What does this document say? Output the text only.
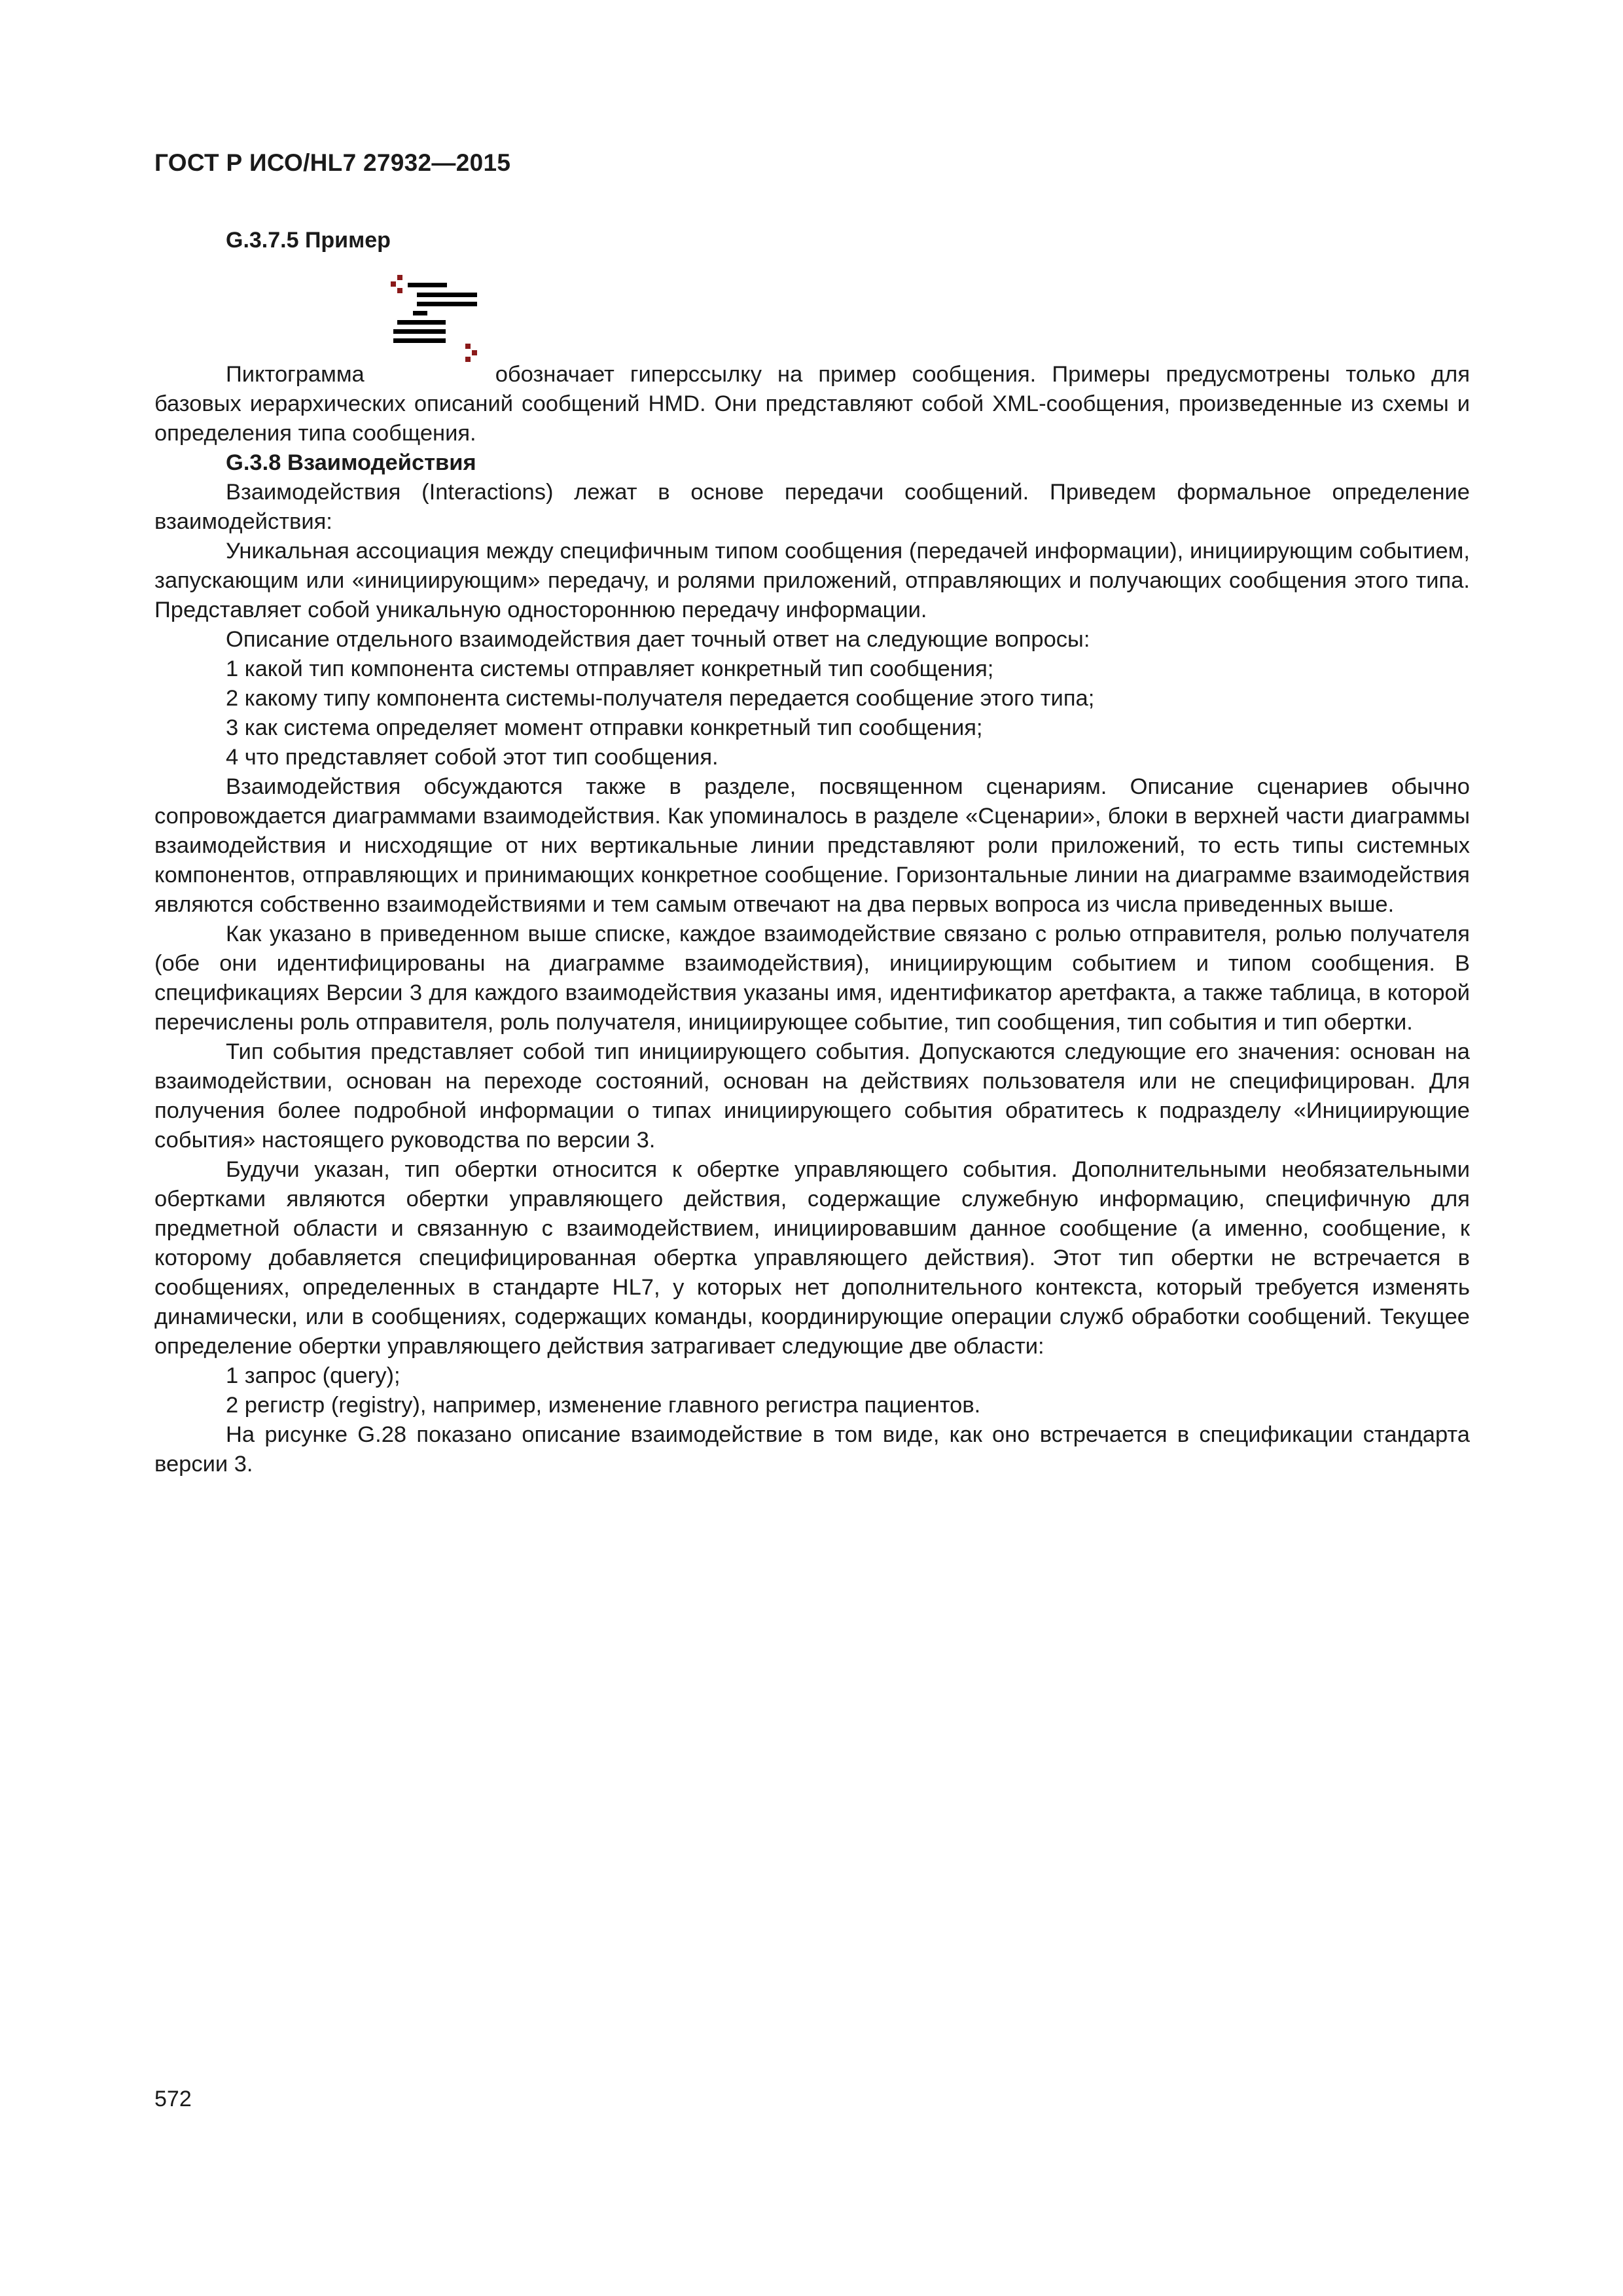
ГОСТ Р ИСО/HL7 27932—2015
G.3.7.5 Пример

Пиктограмма	обозначает гиперссылку на пример сообщения. Примеры предусмотрены только для базовых иерархических описаний сообщений HMD. Они представляют собой XML-сообщения, произведенные из схемы и определения типа сообщения.

G.3.8 Взаимодействия

Взаимодействия (Interactions) лежат в основе передачи сообщений. Приведем формальное определение взаимодействия:

Уникальная ассоциация между специфичным типом сообщения (передачей информации), инициирующим событием, запускающим или «инициирующим» передачу, и ролями приложений, отправляющих и получающих сообщения этого типа. Представляет собой уникальную одностороннюю передачу информации.

Описание отдельного взаимодействия дает точный ответ на следующие вопросы:

1 какой тип компонента системы отправляет конкретный тип сообщения;

2 какому типу компонента системы-получателя передается сообщение этого типа;

3 как система определяет момент отправки конкретный тип сообщения;

4 что представляет собой этот тип сообщения.

Взаимодействия обсуждаются также в разделе, посвященном сценариям. Описание сценариев обычно сопровождается диаграммами взаимодействия. Как упоминалось в разделе «Сценарии», блоки в верхней части диаграммы взаимодействия и нисходящие от них вертикальные линии представляют роли приложений, то есть типы системных компонентов, отправляющих и принимающих конкретное сообщение. Горизонтальные линии на диаграмме взаимодействия являются собственно взаимодействиями и тем самым отвечают на два первых вопроса из числа приведенных выше.

Как указано в приведенном выше списке, каждое взаимодействие связано с ролью отправителя, ролью получателя (обе они идентифицированы на диаграмме взаимодействия), инициирующим событием и типом сообщения. В спецификациях Версии 3 для каждого взаимодействия указаны имя, идентификатор аретфакта, а также таблица, в которой перечислены роль отправителя, роль получателя, инициирующее событие, тип сообщения, тип события и тип обертки.

Тип события представляет собой тип инициирующего события. Допускаются следующие его значения: основан на взаимодействии, основан на переходе состояний, основан на действиях пользователя или не специфицирован. Для получения более подробной информации о типах инициирующего события обратитесь к подразделу «Инициирующие события» настоящего руководства по версии 3.

Будучи указан, тип обертки относится к обертке управляющего события. Дополнительными необязательными обертками являются обертки управляющего действия, содержащие служебную информацию, специфичную для предметной области и связанную с взаимодействием, инициировавшим данное сообщение (а именно, сообщение, к которому добавляется специфицированная обертка управляющего действия). Этот тип обертки не встречается в сообщениях, определенных в стандарте HL7, у которых нет дополнительного контекста, который требуется изменять динамически, или в сообщениях, содержащих команды, координирующие операции служб обработки сообщений. Текущее определение обертки управляющего действия затрагивает следующие две области:

1 запрос (query);

2 регистр (registry), например, изменение главного регистра пациентов.

На рисунке G.28 показано описание взаимодействие в том виде, как оно встречается в спецификации стандарта версии 3.

572
